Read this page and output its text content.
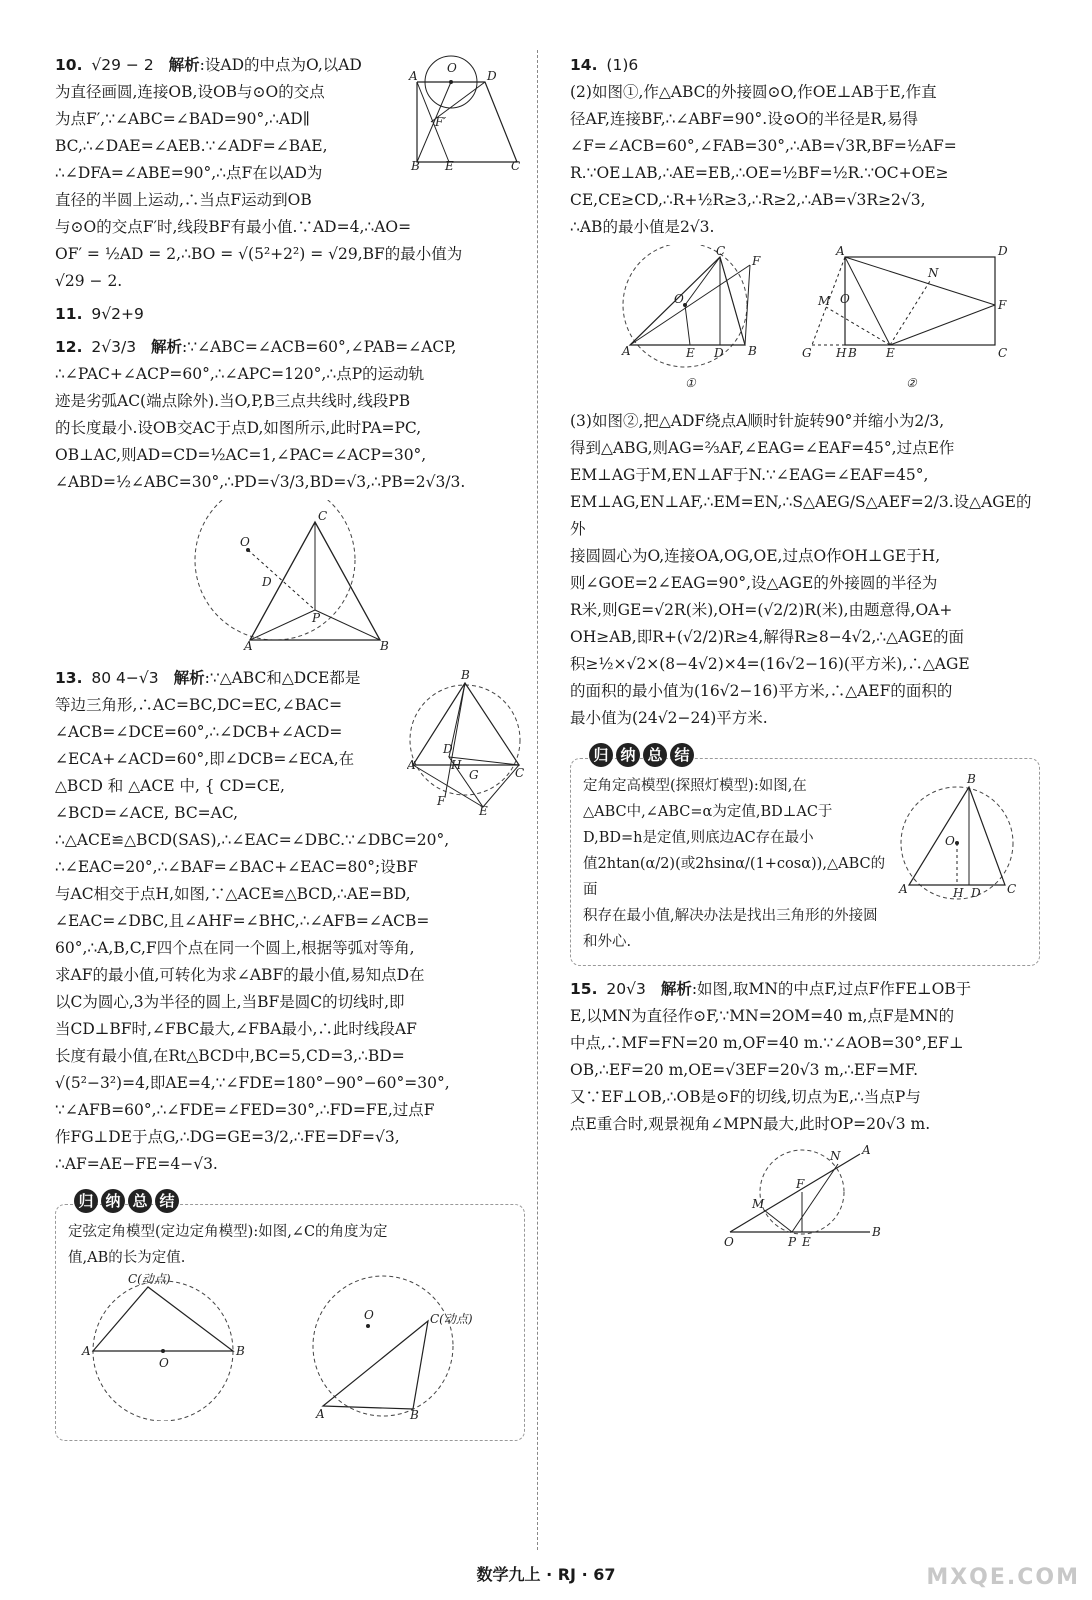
O
A	D
B E	C
F′
10. √29 − 2 解析:设AD的中点为O,以AD
为直径画圆,连接OB,设OB与⊙O的交点
为点F′,∵∠ABC=∠BAD=90°,∴AD∥
BC,∴∠DAE=∠AEB.∵∠ADF=∠BAE,
∴∠DFA=∠ABE=90°,∴点F在以AD为
直径的半圆上运动,∴当点F运动到OB
与⊙O的交点F′时,线段BF有最小值.∵AD=4,∴AO=
OF′ = ½AD = 2,∴BO = √(5²+2²) = √29,BF的最小值为
√29 − 2.
11. 9√2+9
12. 2√3/3 解析:∵∠ABC=∠ACB=60°,∠PAB=∠ACP,
∴∠PAC+∠ACP=60°,∴∠APC=120°,∴点P的运动轨
迹是劣弧AC(端点除外).当O,P,B三点共线时,线段PB
的长度最小.设OB交AC于点D,如图所示,此时PA=PC,
OB⊥AC,则AD=CD=½AC=1,∠PAC=∠ACP=30°,
∠ABD=½∠ABC=30°,∴PD=√3/3,BD=√3,∴PB=2√3/3.
O
C
D
P
A	B
B
A
C
D
E
F
H
G
13. 80 4−√3 解析:∵△ABC和△DCE都是
等边三角形,∴AC=BC,DC=EC,∠BAC=
∠ACB=∠DCE=60°,∴∠DCB+∠ACD=
∠ECA+∠ACD=60°,即∠DCB=∠ECA,在
△BCD 和 △ACE 中, { CD=CE, ∠BCD=∠ACE, BC=AC,
∴△ACE≌△BCD(SAS),∴∠EAC=∠DBC.∵∠DBC=20°,
∴∠EAC=20°,∴∠BAF=∠BAC+∠EAC=80°;设BF
与AC相交于点H,如图,∵△ACE≌△BCD,∴AE=BD,
∠EAC=∠DBC,且∠AHF=∠BHC,∴∠AFB=∠ACB=
60°,∴A,B,C,F四个点在同一个圆上,根据等弧对等角,
求AF的最小值,可转化为求∠ABF的最小值,易知点D在
以C为圆心,3为半径的圆上,当BF是圆C的切线时,即
当CD⊥BF时,∠FBC最大,∠FBA最小,∴此时线段AF
长度有最小值,在Rt△BCD中,BC=5,CD=3,∴BD=
√(5²−3²)=4,即AE=4,∵∠FDE=180°−90°−60°=30°,
∵∠AFB=60°,∴∠FDE=∠FED=30°,∴FD=FE,过点F
作FG⊥DE于点G,∴DG=GE=3/2,∴FE=DF=√3,
∴AF=AE−FE=4−√3.
归 纳 总 结
定弦定角模型(定边定角模型):如图,∠C的角度为定
值,AB的长为定值.
A	B
O
C(动点)
O
A	B
C(动点)
14. (1)6
(2)如图①,作△ABC的外接圆⊙O,作OE⊥AB于E,作直
径AF,连接BF,∴∠ABF=90°.设⊙O的半径是R,易得
∠F=∠ACB=60°,∠FAB=30°,∴AB=√3R,BF=½AF=
R.∵OE⊥AB,∴AE=EB,∴OE=½BF=½R.∵OC+OE≥
CE,CE≥CD,∴R+½R≥3,∴R≥2,∴AB=√3R≥2√3,
∴AB的最小值是2√3.
A	B
C
F
O
E D
①
A	D
F
C
G	E
B
H
N
M O
②
(3)如图②,把△ADF绕点A顺时针旋转90°并缩小为2/3,
得到△ABG,则AG=⅔AF,∠EAG=∠EAF=45°,过点E作
EM⊥AG于M,EN⊥AF于N.∵∠EAG=∠EAF=45°,
EM⊥AG,EN⊥AF,∴EM=EN,∴S△AEG/S△AEF=2/3.设△AGE的外
接圆圆心为O,连接OA,OG,OE,过点O作OH⊥GE于H,
则∠GOE=2∠EAG=90°,设△AGE的外接圆的半径为
R米,则GE=√2R(米),OH=(√2/2)R(米),由题意得,OA+
OH≥AB,即R+(√2/2)R≥4,解得R≥8−4√2,∴△AGE的面
积≥½×√2×(8−4√2)×4=(16√2−16)(平方米),∴△AGE
的面积的最小值为(16√2−16)平方米,∴△AEF的面积的
最小值为(24√2−24)平方米.
归 纳 总 结
A	C
B
O
H D
定角定高模型(探照灯模型):如图,在
△ABC中,∠ABC=α为定值,BD⊥AC于
D,BD=h是定值,则底边AC存在最小
值2htan(α/2)(或2hsinα/(1+cosα)),△ABC的面
积存在最小值,解决办法是找出三角形的外接圆和外心.
15. 20√3 解析:如图,取MN的中点F,过点F作FE⊥OB于
E,以MN为直径作⊙F,∵MN=2OM=40 m,点F是MN的
中点,∴MF=FN=20 m,OF=40 m.∵∠AOB=30°,EF⊥
OB,∴EF=20 m,OE=√3EF=20√3 m,∴EF=MF.
又∵EF⊥OB,∴OB是⊙F的切线,切点为E,∴当点P与
点E重合时,观景视角∠MPN最大,此时OP=20√3 m.
O	P E
B
A
N
M
F
数学九上 · RJ · 67	MXQE.COM
